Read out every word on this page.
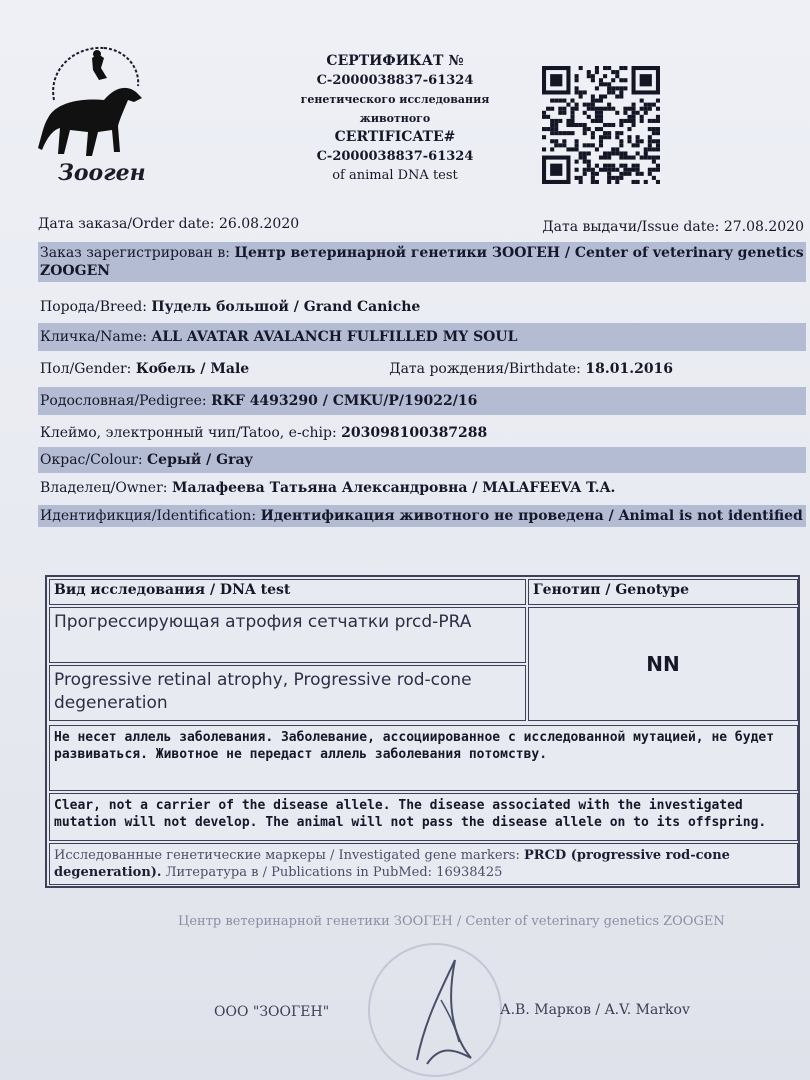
Зооген
СЕРТИФИКАТ №
C-2000038837-61324
генетического исследования
животного
CERTIFICATE#
C-2000038837-61324
of animal DNA test
Дата заказа/Order date: 26.08.2020	Дата выдачи/Issue date: 27.08.2020
Заказ зарегистрирован в: Центр ветеринарной генетики ЗООГЕН / Center of veterinary genetics ZOOGEN
Порода/Breed: Пудель большой / Grand Caniche
Кличка/Name: ALL AVATAR AVALANCH FULFILLED MY SOUL
Пол/Gender: Кобель / Male	Дата рождения/Birthdate: 18.01.2016
Родословная/Pedigree: RKF 4493290 / CMKU/P/19022/16
Клеймо, электронный чип/Tatoo, e-chip: 203098100387288
Окрас/Colour: Серый / Gray
Владелец/Owner: Малафеева Татьяна Александровна / MALAFEEVA T.A.
Идентификция/Identification: Идентификация животного не проведена / Animal is not identified
Вид исследования / DNA test	Генотип / Genotype
Прогрессирующая атрофия сетчатки prcd-PRA
Progressive retinal atrophy, Progressive rod-cone degeneration
NN
Не несет аллель заболевания. Заболевание, ассоциированное с исследованной мутацией, не будет развиваться. Животное не передаст аллель заболевания потомству.
Clear, not a carrier of the disease allele. The disease associated with the investigated mutation will not develop. The animal will not pass the disease allele on to its offspring.
Исследованные генетические маркеры / Investigated gene markers: PRCD (progressive rod-cone degeneration). Литература в / Publications in PubMed: 16938425
Центр ветеринарной генетики ЗООГЕН / Center of veterinary genetics ZOOGEN
ООО "ЗООГЕН"	А.В. Марков / A.V. Markov
